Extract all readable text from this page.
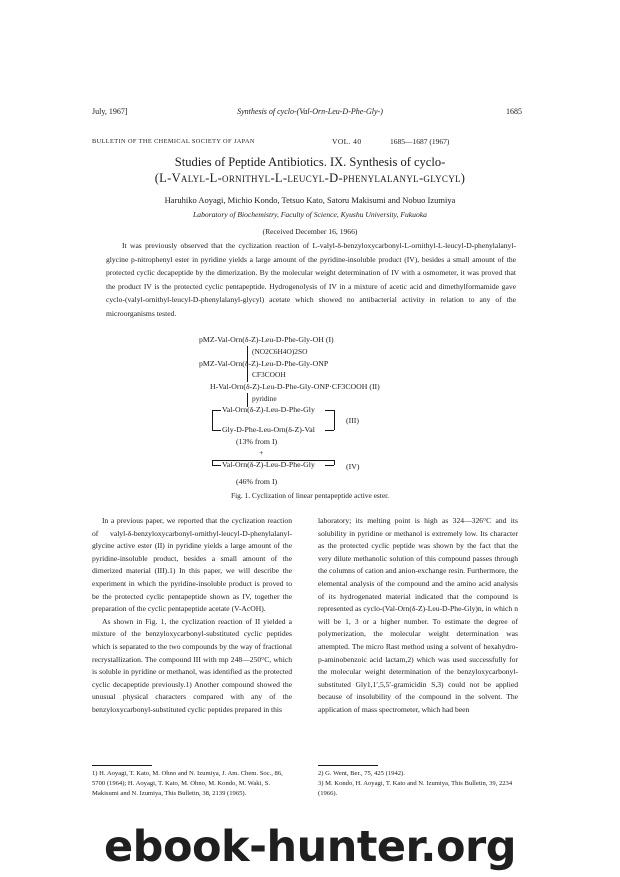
July, 1967]	Synthesis of cyclo-(Val-Orn-Leu-D-Phe-Gly-)	1685
BULLETIN OF THE CHEMICAL SOCIETY OF JAPAN	VOL. 40	1685—1687 (1967)
Studies of Peptide Antibiotics. IX. Synthesis of cyclo-
(L-Valyl-L-ornithyl-L-leucyl-D-phenylalanyl-glycyl)
Haruhiko Aoyagi, Michio Kondo, Tetsuo Kato, Satoru Makisumi and Nobuo Izumiya
Laboratory of Biochemistry, Faculty of Science, Kyushu University, Fukuoka
(Received December 16, 1966)

It was previously observed that the cyclization reaction of L-valyl-δ-benzyloxycarbonyl-L-ornithyl-L-leucyl-D-phenylalanyl-glycine p-nitrophenyl ester in pyridine yields a large amount of the pyridine-insoluble product (IV), besides a small amount of the protected cyclic decapeptide by the dimerization. By the molecular weight determination of IV with a osmometer, it was proved that the product IV is the protected cyclic pentapeptide. Hydrogenolysis of IV in a mixture of acetic acid and dimethylformamide gave cyclo-(valyl-ornithyl-leucyl-D-phenylalanyl-glycyl) acetate which showed no antibacterial activity in relation to any of the microorganisms tested.

pMZ-Val-Orn(δ-Z)-Leu-D-Phe-Gly-OH (I)
(NO2C6H4O)2SO
pMZ-Val-Orn(δ-Z)-Leu-D-Phe-Gly-ONP
CF3COOH
H-Val-Orn(δ-Z)-Leu-D-Phe-Gly-ONP·CF3COOH (II)
pyridine
Val-Orn(δ-Z)-Leu-D-Phe-Gly
Gly-D-Phe-Leu-Orn(δ-Z)-Val
(III)
(13% from I)
+
Val-Orn(δ-Z)-Leu-D-Phe-Gly	(IV)
(46% from I)
Fig. 1. Cyclization of linear pentapeptide active ester.

In a previous paper, we reported that the cyclization reaction of valyl-δ-benzyloxycarbonyl-ornithyl-leucyl-D-phenylalanyl-glycine active ester (II) in pyridine yields a large amount of the pyridine-insoluble product, besides a small amount of the dimerized material (III).1) In this paper, we will describe the experiment in which the pyridine-insoluble product is proved to be the protected cyclic pentapeptide shown as IV, together the preparation of the cyclic pentapeptide acetate (V-AcOH).

As shown in Fig. 1, the cyclization reaction of II yielded a mixture of the benzyloxycarbonyl-substituted cyclic peptides which is separated to the two compounds by the way of fractional recrystallization. The compound III with mp 248—250°C, which is soluble in pyridine or methanol, was identified as the protected cyclic decapeptide previously.1) Another compound showed the unusual physical characters compared with any of the benzyloxycarbonyl-substituted cyclic peptides prepared in this

laboratory; its melting point is high as 324—326°C and its solubility in pyridine or methanol is extremely low. Its character as the protected cyclic peptide was shown by the fact that the very dilute methanolic solution of this compound passes through the columns of cation and anion-exchange resin. Furthermore, the elemental analysis of the compound and the amino acid analysis of its hydrogenated material indicated that the compound is represented as cyclo-(Val-Orn(δ-Z)-Leu-D-Phe-Gly)n, in which n will be 1, 3 or a higher number. To estimate the degree of polymerization, the molecular weight determination was attempted. The micro Rast method using a solvent of hexahydro-p-aminobenzoic acid lactam,2) which was used successfully for the molecular weight determination of the benzyloxycarbonyl-substituted Gly1,1′,5,5′-gramicidin S,3) could not be applied because of insolubility of the compound in the solvent. The application of mass spectrometer, which had been

1) H. Aoyagi, T. Kato, M. Ohno and N. Izumiya, J. Am. Chem. Soc., 86, 5700 (1964); H. Aoyagi, T. Kato, M. Ohno, M. Kondo, M. Waki, S. Makisumi and N. Izumiya, This Bulletin, 38, 2139 (1965).
2) G. Went, Ber., 75, 425 (1942).
3) M. Kondo, H. Aoyagi, T. Kato and N. Izumiya, This Bulletin, 39, 2234 (1966).
ebook-hunter.org
